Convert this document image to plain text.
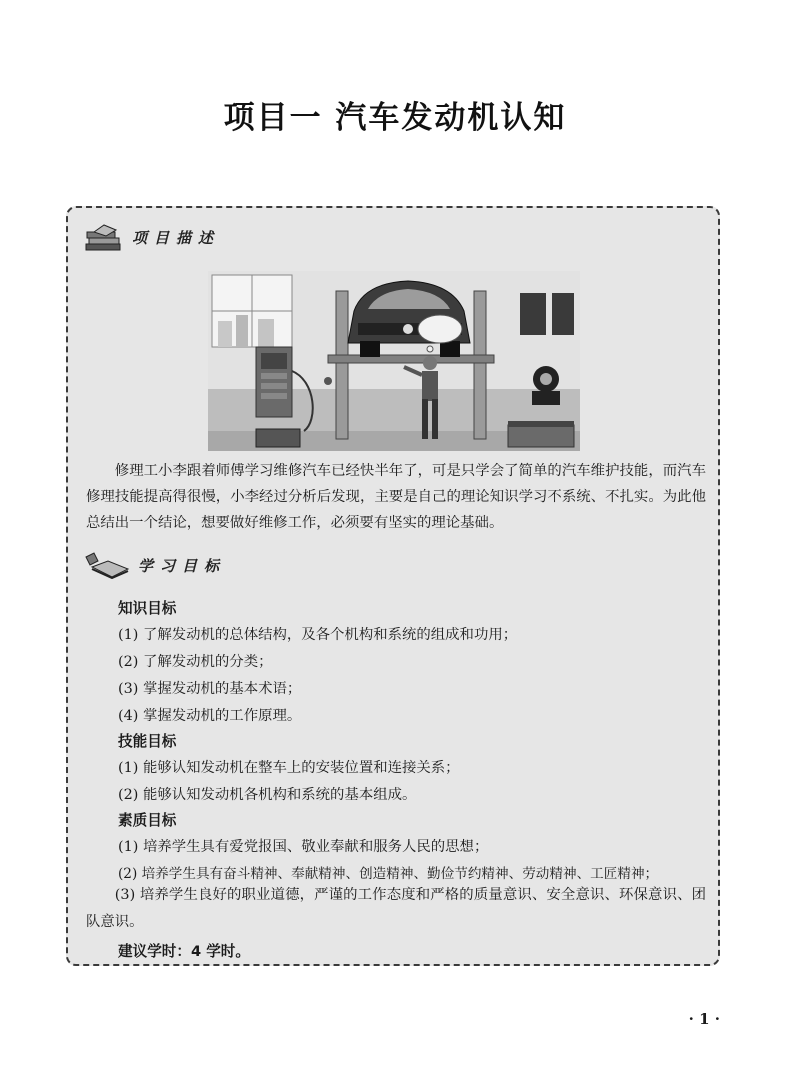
项目一 汽车发动机认知
项目描述
修理工小李跟着师傅学习维修汽车已经快半年了，可是只学会了简单的汽车维护技能，而汽车修理技能提高得很慢，小李经过分析后发现，主要是自己的理论知识学习不系统、不扎实。为此他总结出一个结论，想要做好维修工作，必须要有坚实的理论基础。
学习目标
知识目标
(1) 了解发动机的总体结构，及各个机构和系统的组成和功用；
(2) 了解发动机的分类；
(3) 掌握发动机的基本术语；
(4) 掌握发动机的工作原理。
技能目标
(1) 能够认知发动机在整车上的安装位置和连接关系；
(2) 能够认知发动机各机构和系统的基本组成。
素质目标
(1) 培养学生具有爱党报国、敬业奉献和服务人民的思想；
(2) 培养学生具有奋斗精神、奉献精神、创造精神、勤俭节约精神、劳动精神、工匠精神；
(3) 培养学生良好的职业道德，严谨的工作态度和严格的质量意识、安全意识、环保意识、团队意识。
建议学时：4 学时。
· 1 ·
